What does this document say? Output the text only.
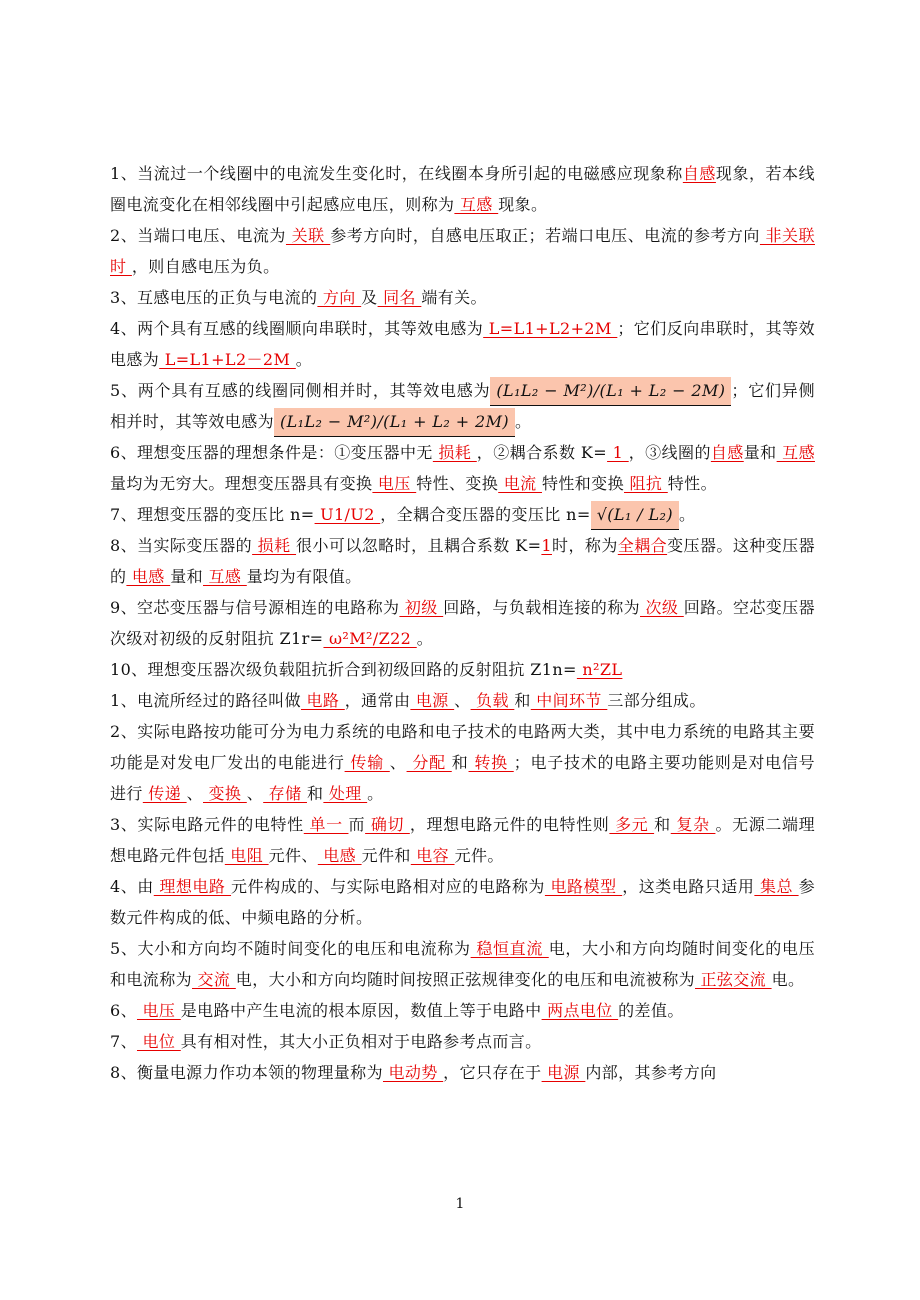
1、当流过一个线圈中的电流发生变化时，在线圈本身所引起的电磁感应现象称自感现象，若本线圈电流变化在相邻线圈中引起感应电压，则称为 互感 现象。

2、当端口电压、电流为 关联 参考方向时，自感电压取正；若端口电压、电流的参考方向 非关联时 ，则自感电压为负。

3、互感电压的正负与电流的 方向 及 同名 端有关。

4、两个具有互感的线圈顺向串联时，其等效电感为 L=L1+L2+2M ；它们反向串联时，其等效电感为 L=L1+L2－2M 。

5、两个具有互感的线圈同侧相并时，其等效电感为 (L₁L₂ − M²)/(L₁ + L₂ − 2M) ；它们异侧相并时，其等效电感为 (L₁L₂ − M²)/(L₁ + L₂ + 2M) 。

6、理想变压器的理想条件是：①变压器中无 损耗 ，②耦合系数 K= 1 ，③线圈的自感量和 互感 量均为无穷大。理想变压器具有变换 电压 特性、变换 电流 特性和变换 阻抗 特性。

7、理想变压器的变压比 n= U1/U2 ，全耦合变压器的变压比 n= √(L₁ / L₂) 。

8、当实际变压器的 损耗 很小可以忽略时，且耦合系数 K=1时，称为全耦合变压器。这种变压器的 电感 量和 互感 量均为有限值。

9、空芯变压器与信号源相连的电路称为 初级 回路，与负载相连接的称为 次级 回路。空芯变压器次级对初级的反射阻抗 Z1r= ω²M²/Z22 。

10、理想变压器次级负载阻抗折合到初级回路的反射阻抗 Z1n= n²ZL

1、电流所经过的路径叫做 电路 ，通常由 电源 、 负载 和 中间环节 三部分组成。

2、实际电路按功能可分为电力系统的电路和电子技术的电路两大类，其中电力系统的电路其主要功能是对发电厂发出的电能进行 传输 、 分配 和 转换 ；电子技术的电路主要功能则是对电信号进行 传递 、 变换 、 存储 和 处理 。

3、实际电路元件的电特性 单一 而 确切 ，理想电路元件的电特性则 多元 和 复杂 。无源二端理想电路元件包括 电阻 元件、 电感 元件和 电容 元件。

4、由 理想电路 元件构成的、与实际电路相对应的电路称为 电路模型 ，这类电路只适用 集总 参数元件构成的低、中频电路的分析。

5、大小和方向均不随时间变化的电压和电流称为 稳恒直流 电，大小和方向均随时间变化的电压和电流称为 交流 电，大小和方向均随时间按照正弦规律变化的电压和电流被称为 正弦交流 电。

6、 电压 是电路中产生电流的根本原因，数值上等于电路中 两点电位 的差值。

7、 电位 具有相对性，其大小正负相对于电路参考点而言。

8、衡量电源力作功本领的物理量称为 电动势 ，它只存在于 电源 内部，其参考方向

1
